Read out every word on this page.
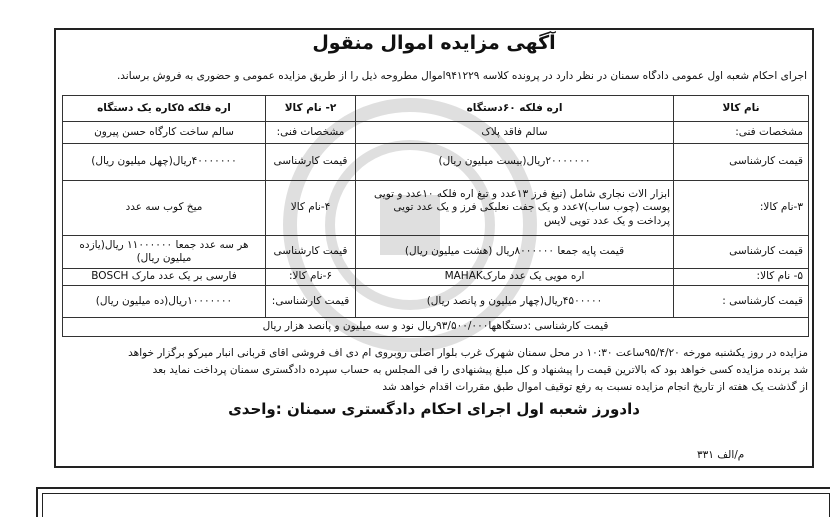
آگهی مزایده اموال منقول
اجرای احکام شعبه اول عمومی دادگاه سمنان در نظر دارد در پرونده کلاسه ۹۴۱۲۲۹اموال مطروحه ذیل را از طریق مزایده عمومی و حضوری به فروش برساند.
نام کالا	اره فلکه ۶۰دستگاه	۲- نام کالا	اره فلکه ۵کاره یک دستگاه
مشخصات فنی:	سالم فاقد پلاک	مشخصات فنی:	سالم ساخت کارگاه حسن پیرون
قیمت کارشناسی	۲۰۰۰۰۰۰۰ریال(بیست میلیون ریال)	قیمت کارشناسی	۴۰۰۰۰۰۰۰ریال(چهل میلیون ریال)
۳-نام کالا:	ابزار الات نجاری شامل (تیغ فرز ۱۳عدد و تیغ اره فلکه ۱۰عدد و تویی پوست (چوب ساب)۷عدد و یک جفت نعلبکی فرز و یک عدد تویی پرداخت و یک عدد تویی لایس	۴-نام کالا	میخ کوب سه عدد
قیمت کارشناسی	قیمت پایه جمعا ۸۰۰۰۰۰۰ریال (هشت میلیون ریال)	قیمت کارشناسی	هر سه عدد جمعا ۱۱۰۰۰۰۰۰ ریال(یازده میلیون ریال)
۵- نام کالا:	اره مویی یک عدد مارکMAHAK	۶-نام کالا:	فارسی بر یک عدد مارک BOSCH
قیمت کارشناسی :	۴۵۰۰۰۰۰ریال(چهار میلیون و پانصد ریال)	قیمت کارشناسی:	۱۰۰۰۰۰۰۰ریال(ده میلیون ریال)
قیمت کارشناسی :دستگاهها۹۳/۵۰۰/۰۰۰ریال نود و سه میلیون و پانصد هزار ریال			
مزایده در روز یکشنبه مورخه ۹۵/۴/۲۰ساعت ۱۰:۳۰ در محل سمنان شهرک غرب بلوار اصلی روبروی ام دی اف فروشی اقای قربانی انبار میرکو برگزار خواهد
شد برنده مزایده کسی خواهد بود که بالاترین قیمت را پیشنهاد و کل مبلغ پیشنهادی را فی المجلس به حساب سپرده دادگستری سمنان پرداخت نماید بعد
از گذشت یک هفته از تاریخ انجام مزایده نسبت به رفع توقیف اموال طبق مقررات اقدام خواهد شد
دادورز شعبه اول اجرای احکام دادگستری سمنان :واحدی
م/الف ۳۳۱
